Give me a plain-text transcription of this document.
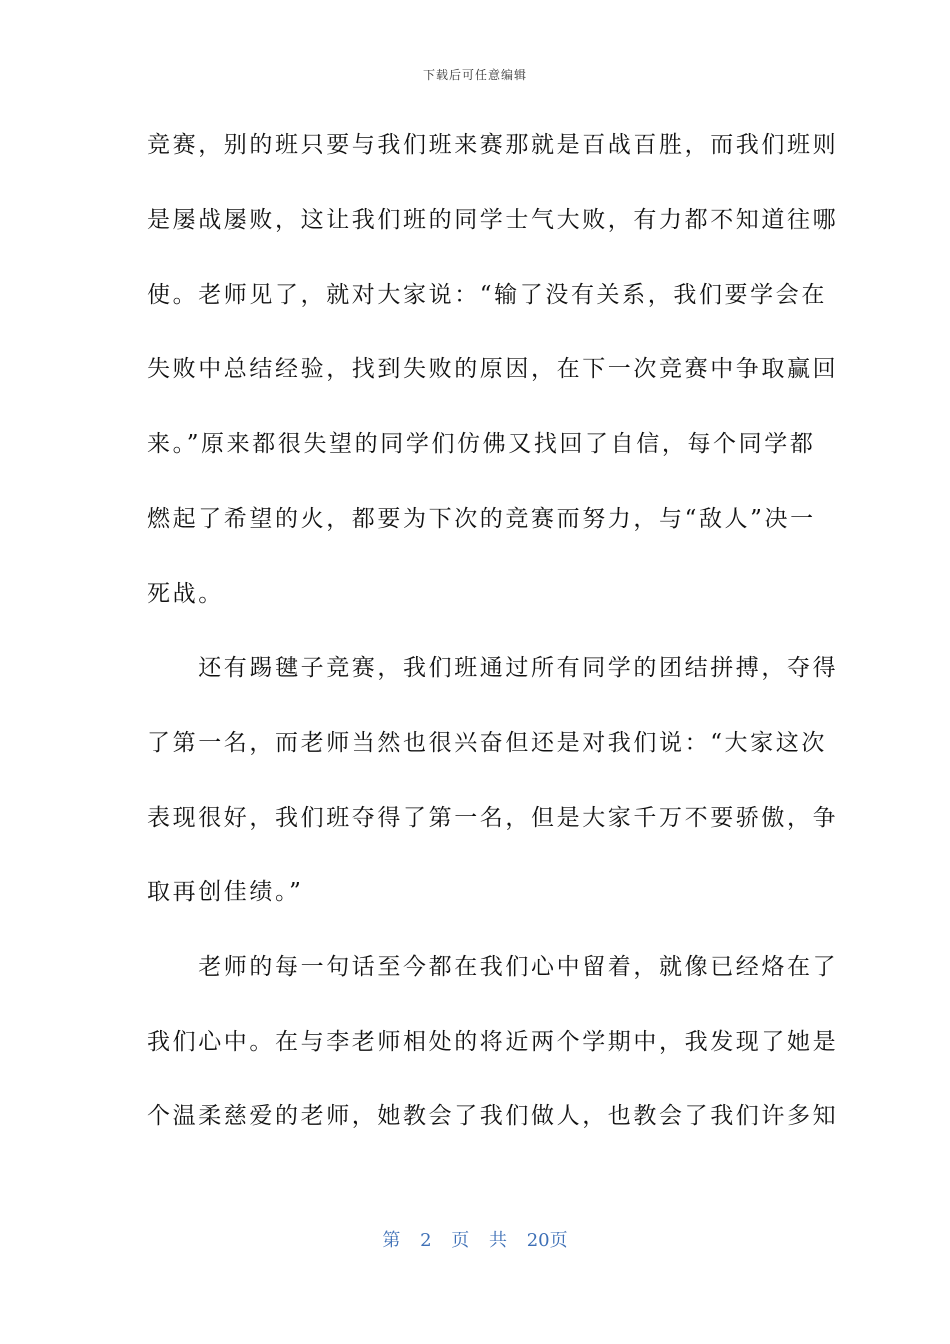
下载后可任意编辑
竞赛，别的班只要与我们班来赛那就是百战百胜，而我们班则
是屡战屡败，这让我们班的同学士气大败，有力都不知道往哪
使。老师见了，就对大家说：“输了没有关系，我们要学会在
失败中总结经验，找到失败的原因，在下一次竞赛中争取赢回
来。”原来都很失望的同学们仿佛又找回了自信，每个同学都
燃起了希望的火，都要为下次的竞赛而努力，与“敌人”决一
死战。
　　还有踢毽子竞赛，我们班通过所有同学的团结拼搏，夺得
了第一名，而老师当然也很兴奋但还是对我们说：“大家这次
表现很好，我们班夺得了第一名，但是大家千万不要骄傲，争
取再创佳绩。”
　　老师的每一句话至今都在我们心中留着，就像已经烙在了
我们心中。在与李老师相处的将近两个学期中，我发现了她是
个温柔慈爱的老师，她教会了我们做人，也教会了我们许多知
第 2 页 共 20页
